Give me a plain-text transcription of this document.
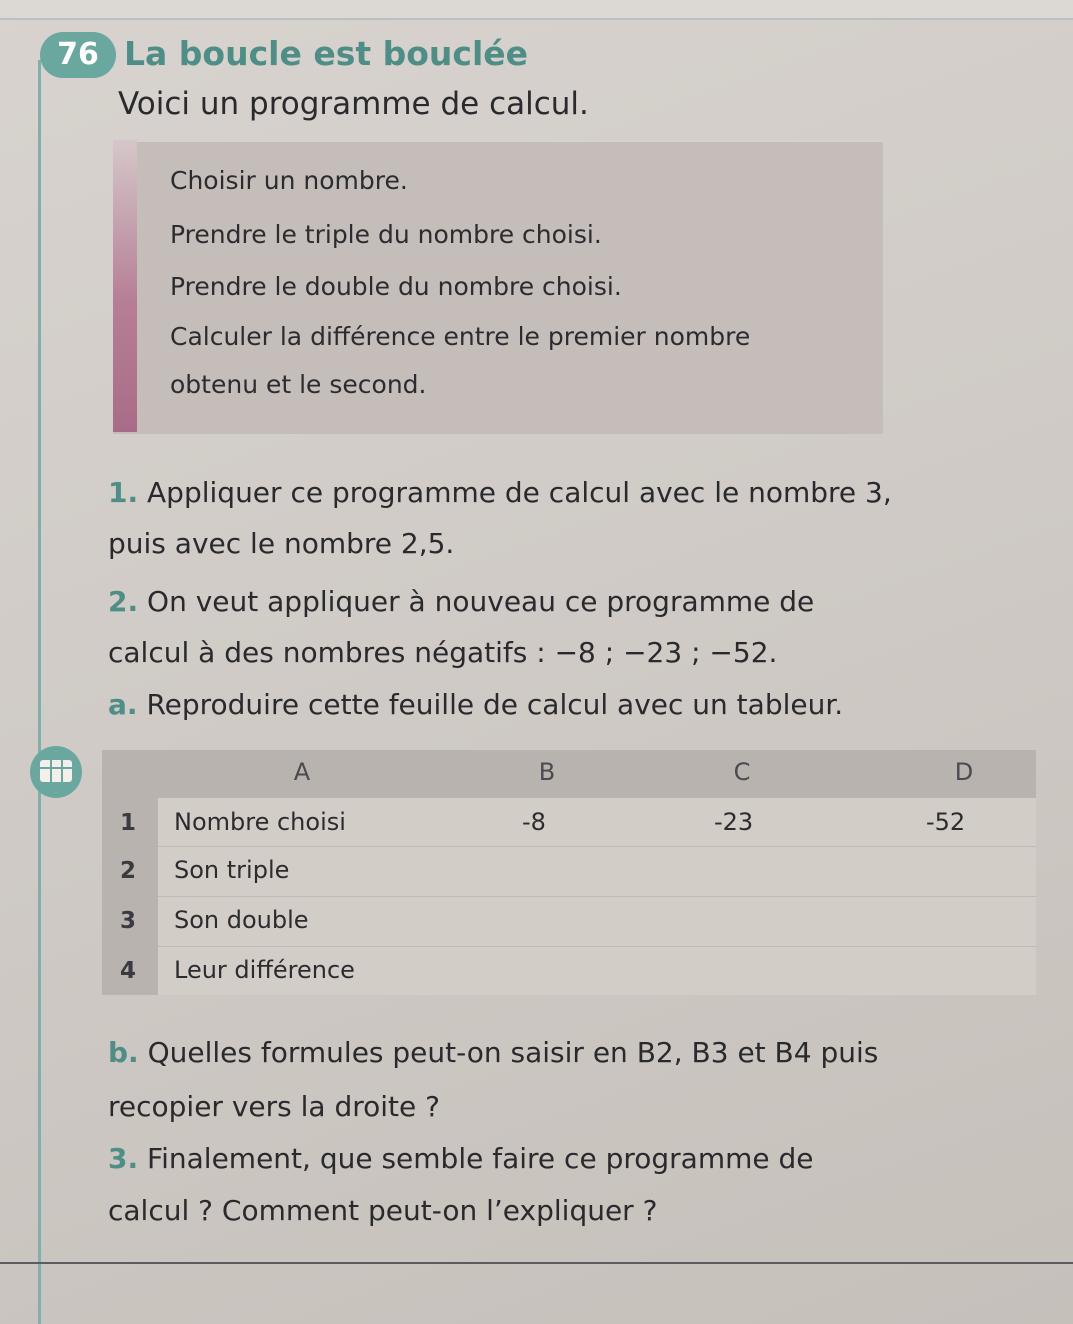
76 La boucle est bouclée
Voici un programme de calcul.
Choisir un nombre.
Prendre le triple du nombre choisi.
Prendre le double du nombre choisi.
Calculer la différence entre le premier nombre
obtenu et le second.
1. Appliquer ce programme de calcul avec le nombre 3,
puis avec le nombre 2,5.
2. On veut appliquer à nouveau ce programme de
calcul à des nombres négatifs : −8 ; −23 ; −52.
a. Reproduire cette feuille de calcul avec un tableur.
A	B	C	D
1 Nombre choisi	-8	-23	-52
2 Son triple
3 Son double
4 Leur différence
b. Quelles formules peut-on saisir en B2, B3 et B4 puis
recopier vers la droite ?
3. Finalement, que semble faire ce programme de
calcul ? Comment peut-on l’expliquer ?
